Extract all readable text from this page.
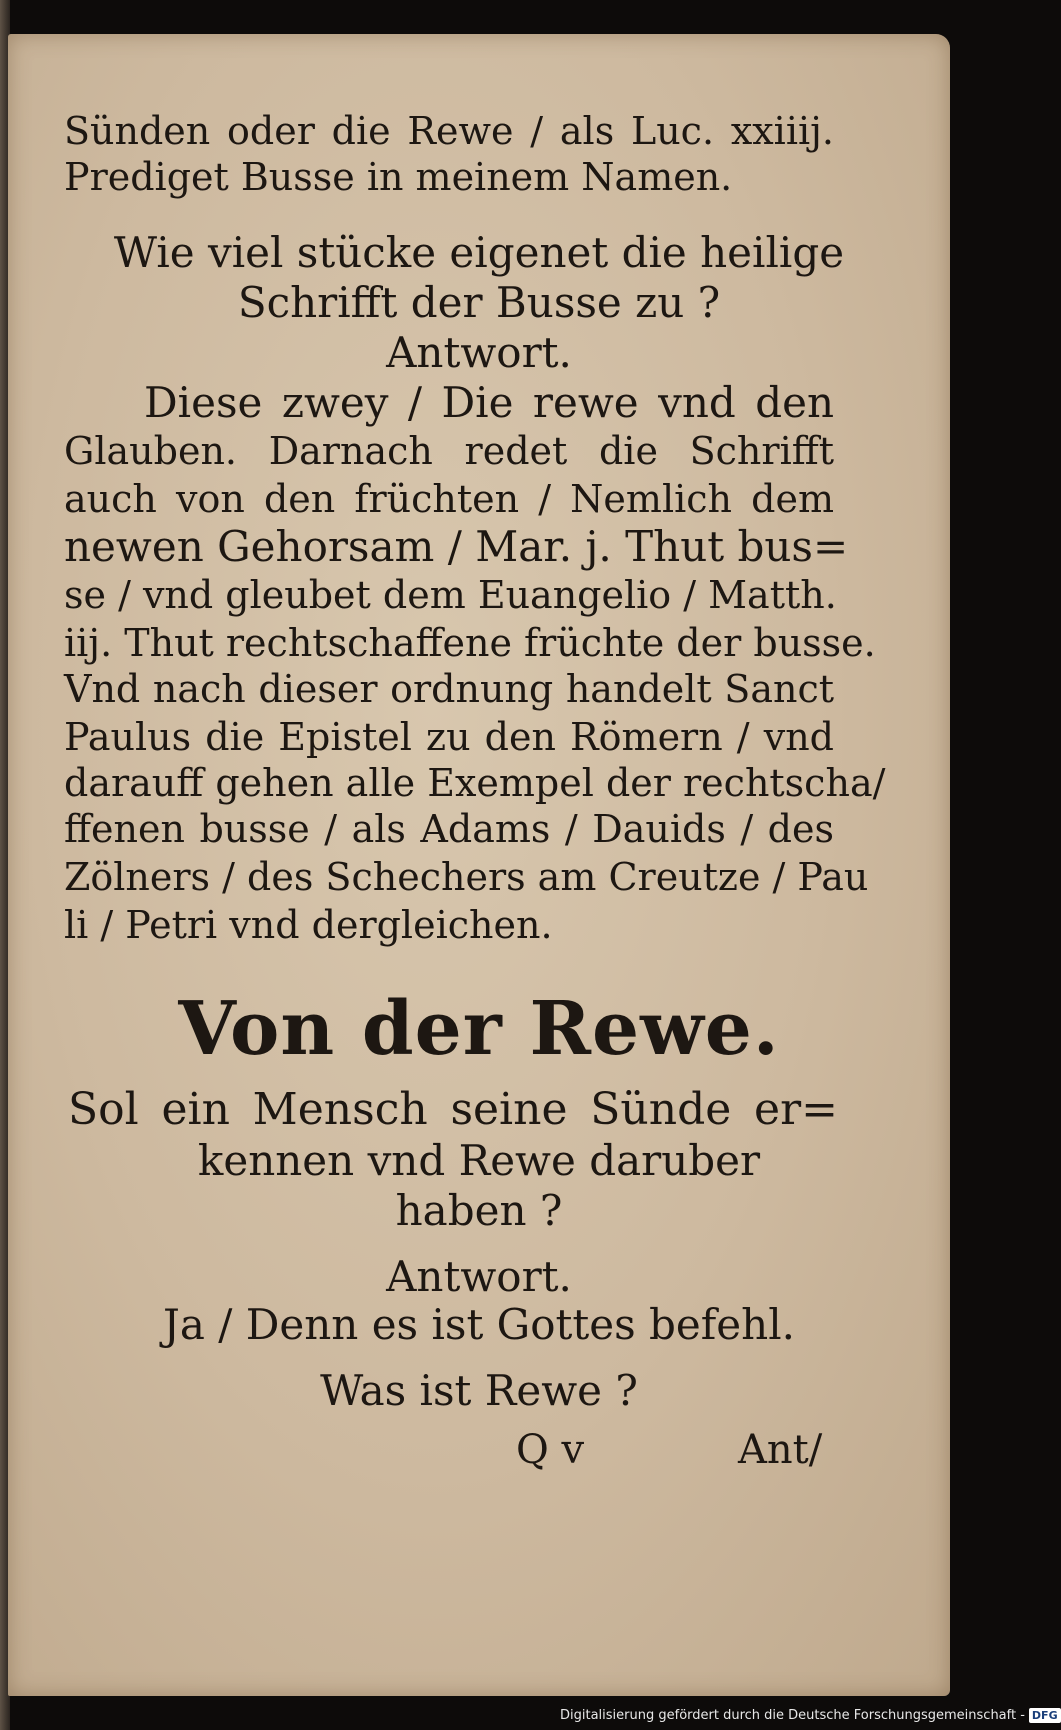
Sünden oder die Rewe / als Luc. xxiiij.
Prediget Busse in meinem Namen.
Wie viel stücke eigenet die heilige
Schrifft der Busse zu ?
Antwort.
Diese zwey / Die rewe vnd den
Glauben. Darnach redet die Schrifft
auch von den früchten / Nemlich dem
newen Gehorsam / Mar. j. Thut bus=
se / vnd gleubet dem Euangelio / Matth.
iij. Thut rechtschaffene früchte der busse.
Vnd nach dieser ordnung handelt Sanct
Paulus die Epistel zu den Römern / vnd
darauff gehen alle Exempel der rechtscha/
ffenen busse / als Adams / Dauids / des
Zölners / des Schechers am Creutze / Pau
li / Petri vnd dergleichen.
Von der Rewe.
Sol ein Mensch seine Sünde er=
kennen vnd Rewe daruber
haben ?
Antwort.
Ja / Denn es ist Gottes befehl.
Was ist Rewe ?
Q v	Ant/
Digitalisierung gefördert durch die Deutsche Forschungsgemeinschaft - DFG
